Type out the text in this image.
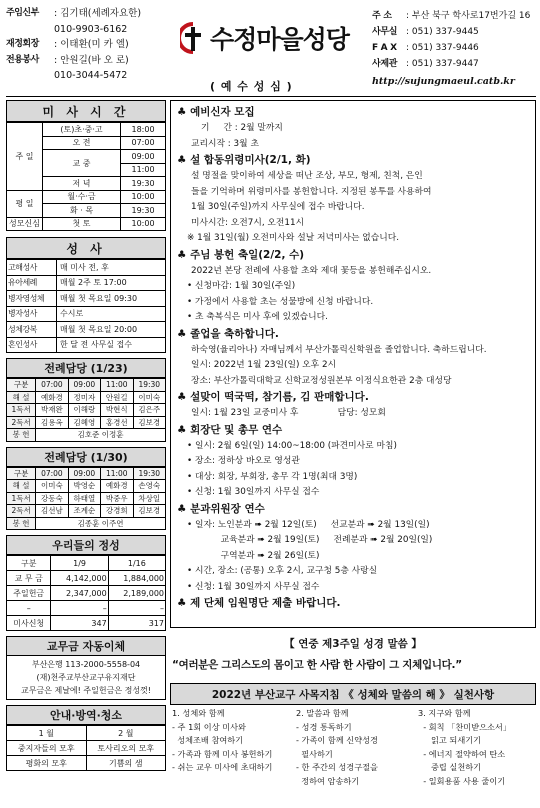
주임신부	: 김기태(세례자요한)
010-9903-6162
재정회장	: 이태환(미 카 엘)
전용봉사	: 안원길(바 오 로)
010-3044-5472
수정마을성당
( 예 수 성 심 )
주 소	: 부산 북구 학사로17번가길 16
사무실 : 051) 337-9445
F A X	: 051) 337-9446
사제관 : 051) 337-9447
http://sujungmaeul.catb.kr
미 사 시 간
주 일	(토)초·중·고	18:00
	오 전	07:00
	교 중	09:00
		11:00
	저 녁	19:30
평 일	월·수·금	10:00
	화 · 목	19:30
성모신심	첫 토	10:00
성 사
고해성사	매 미사 전, 후
유아세례	매월 2주 토 17:00
병자영성체	매월 첫 목요일 09:30
병자성사	수시로
성체강복	매월 첫 목요일 20:00
혼인성사	한 달 전 사무실 접수
전례담당 (1/23)
구분	07:00	09:00	11:00	19:30
해 설	예화경	정미자	안원길	이미숙
1독서	박재완	이해랑	박현식	김은주
2독서	김용옥	김혜영	홍경선	김보경
봉 헌	김호준 이정훈			
전례담당 (1/30)
구분	07:00	09:00	11:00	19:30
해 설	이미숙	박영순	예화경	손영숙
1독서	강동숙	하태열	박중우	차상일
2독서	김선남	조계순	강경희	김보경
봉 헌	김종훈 이주연			
우리들의 정성
구분	1/9	1/16
교 무 금	4,142,000	1,884,000
주일헌금	2,347,000	2,189,000
–	–	–
미사신청	347	317
교무금 자동이체
부산은행 113-2000-5558-04
(재)천주교부산교구유지재단
교무금은 제날에! 주일헌금은 정성껏!
안내·방역·청소
1 월	2 월
중지자들의 모후	토사리오의 모후
평화의 모후	기쁨의 샘
♣ 예비신자 모집
기     간 : 2월 말까지
교리시작 : 3월 초
♣ 설 합동위령미사(2/1, 화)
설 명절을 맞이하여 세상을 떠난 조상, 부모, 형제, 친척, 은인
들을 기억하며 위령미사를 봉헌합니다. 지정된 봉투를 사용하여
1월 30일(주일)까지 사무실에 접수 바랍니다.
미사시간: 오전7시, 오전11시
※ 1월 31일(월) 오전미사와 설날 저녁미사는 없습니다.
♣ 주님 봉헌 축일(2/2, 수)
2022년 본당 전례에 사용할 초와 제대 꽃등을 봉헌해주십시오.
• 신청마감: 1월 30일(주일)
• 가정에서 사용할 초는 성물방에 신청 바랍니다.
• 초 축복식은 미사 후에 있겠습니다.
♣ 졸업을 축하합니다.
하숙영(율리아나) 자매님께서 부산가톨릭신학원을 졸업합니다. 축하드립니다.
일시: 2022년 1월 23일(일) 오후 2시
장소: 부산가톨릭대학교 신학교정성원본부 이정식요한관 2층 대성당
♣ 설맞이 떡국떡, 참기름, 김 판매합니다.
일시: 1월 23일 교중미사 후              담당: 성모회
♣ 회장단 및 총무 연수
• 일시: 2월 6일(일) 14:00~18:00 (파견미사로 마침)
• 장소: 정하상 바오로 영성관
• 대상: 회장, 부회장, 총무 각 1명(최대 3명)
• 신청: 1월 30일까지 사무실 접수
♣ 분과위원장 연수
• 일자: 노인분과 ➠ 2월 12일(토)     선교분과 ➠ 2월 13일(일)
교육분과 ➠ 2월 19일(토)     전례분과 ➠ 2월 20일(일)
구역분과 ➠ 2월 26일(토)
• 시간, 장소: (공통) 오후 2시, 교구청 5층 사랑실
• 신청: 1월 30일까지 사무실 접수
♣ 제 단체 임원명단 제출 바랍니다.
【 연중 제3주일 성경 말씀 】
“여러분은 그리스도의 몸이고 한 사람 한 사람이 그 지체입니다.”
2022년 부산교구 사목지침 《 성체와 말씀의 해 》 실천사항
1. 성체와 함께
- 주 1회 이상 미사와
성체조배 참여하기
- 가족과 함께 미사 봉헌하기
- 쉬는 교우 미사에 초대하기
2. 말씀과 함께
- 성경 통독하기
- 가족이 함께 신약성경
필사하기
- 한 주간의 성경구절을
정하여 암송하기
3. 지구와 함께
- 회칙 「찬미받으소서」
읽고 되새기기
- 에너지 절약하여 탄소
중립 실천하기
- 일회용품 사용 줄이기
